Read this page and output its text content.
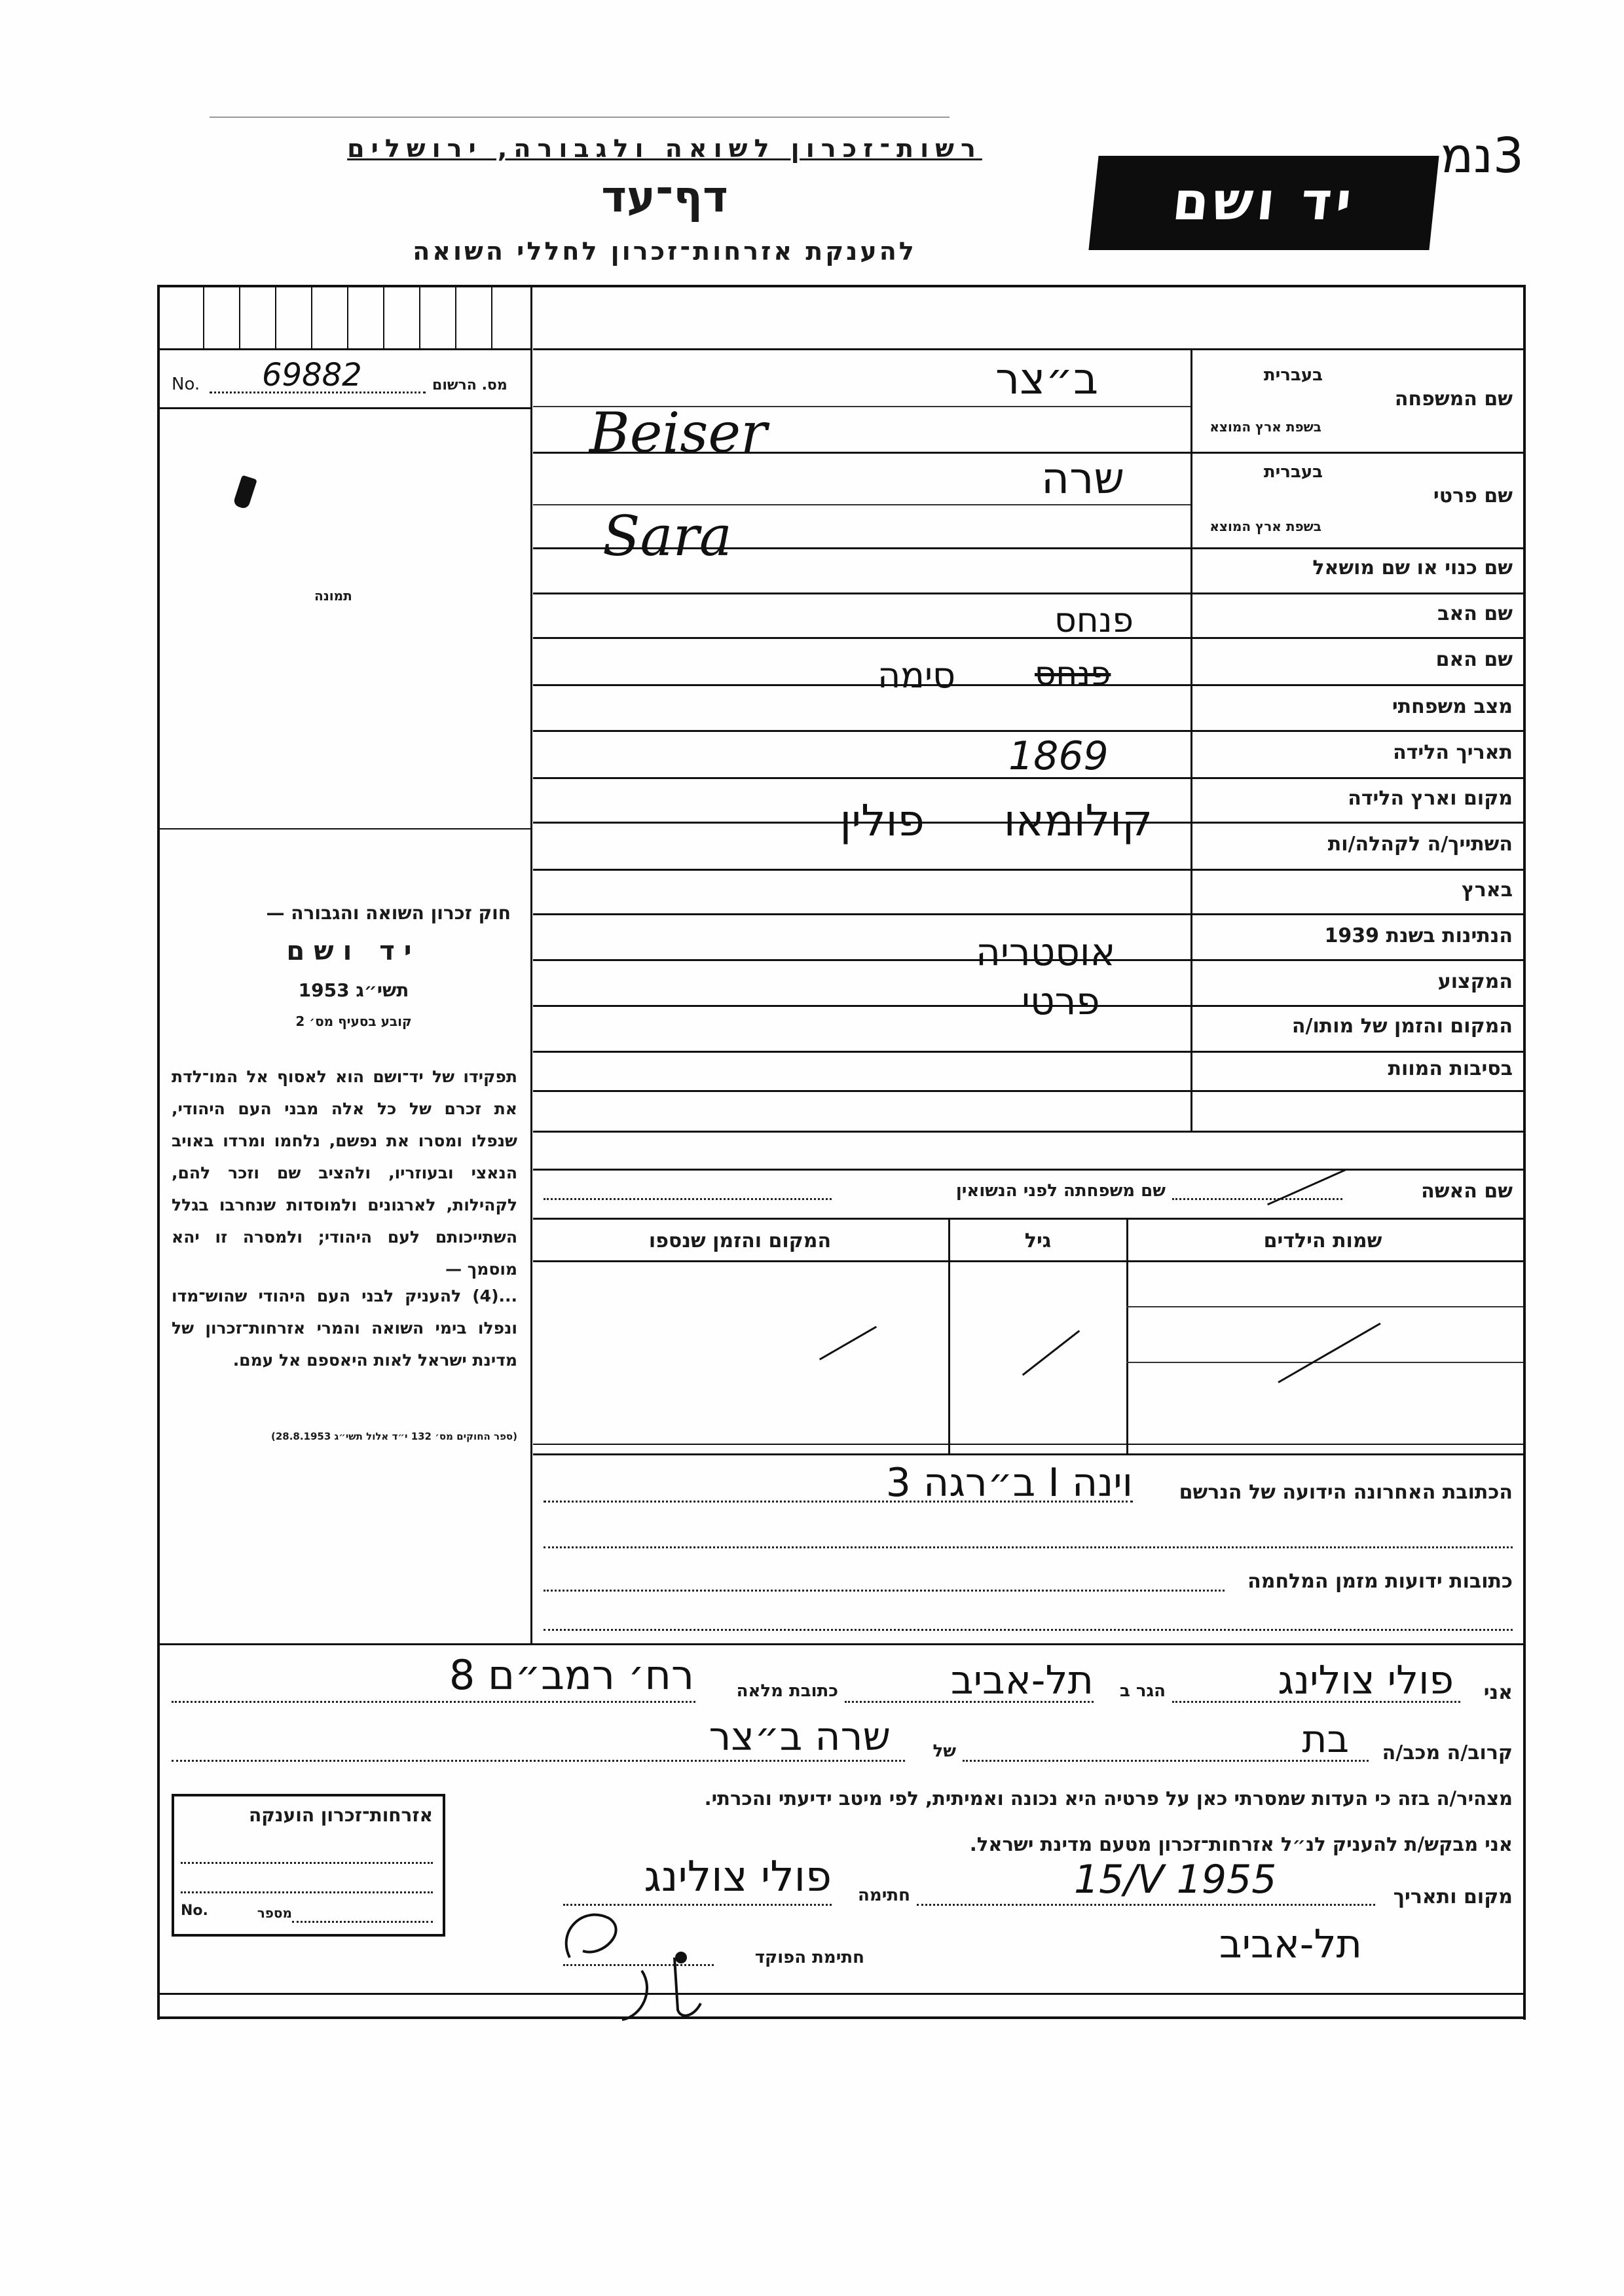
רשות־זכרון לשואה ולגבורה, ירושלים
דף־עד
להענקת אזרחות־זכרון לחללי השואה
יד ושם
3נמ
No. 69882	מס. הרשום
תמונה
חוק זכרון השואה והגבורה —
יד ושם
תשי״ג 1953
קובע בסעיף מס׳ 2
תפקידו של יד־ושם הוא לאסוף אל המו־לדת את זכרם של כל אלה מבני העם היהודי, שנפלו ומסרו את נפשם, נלחמו ומרדו באויב הנאצי ובעוזריו, ולהציב שם וזכר להם, לקהילות, לארגונים ולמוסדות שנחרבו בגלל השתייכותם לעם היהודי; ולמסרה זו יהא מוסמך —
...(4) להעניק לבני העם היהודי שהוש־מדו ונפלו בימי השואה והמרי אזרחות־זכרון של מדינת ישראל לאות היאספם אל עמם.
(ספר החוקים מס׳ 132 י״ד אלול תשי״ג 28.8.1953)
בעברית
שם המשפחה
בשפת ארץ המוצא
בעברית
שם פרטי
בשפת ארץ המוצא
שם כנוי או שם מושאל
שם האב
שם האם
מצב משפחתי
תאריך הלידה
מקום וארץ הלידה
השתייך/ה לקהלה/ות
בארץ
הנתינות בשנת 1939
המקצוע
המקום והזמן של מותו/ה
בסיבות המוות
ב״צר
Beiser
שרה
Sara
פנחס
סימה פנחס
1869
קולומאו פולין
אוסטריה
פרטי
שם האשה
שם משפחתה לפני הנשואין
שמות הילדים
גיל
המקום והזמן שנספו
הכתובת האחרונה הידועה של הנרשם
וינה I ב״רגה 3
כתובות ידועות מזמן המלחמה
אני
פולי צולינג
הגר ב
תל-אביב
כתובת מלאה
רח׳ רמב״ם 8
קרוב/ה מכב/ה
בת
של
שרה ב״צר
מצהיר/ה בזה כי העדות שמסרתי כאן על פרטיה היא נכונה ואמיתית, לפי מיטב ידיעתי והכרתי.
אני מבקש/ת להעניק לנ״ל אזרחות־זכרון מטעם מדינת ישראל.
מקום ותאריך
15/V 1955
תל-אביב
חתימה
פולי צולינג
חתימת הפוקד
אזרחות־זכרון הוענקה
No.	מספר
